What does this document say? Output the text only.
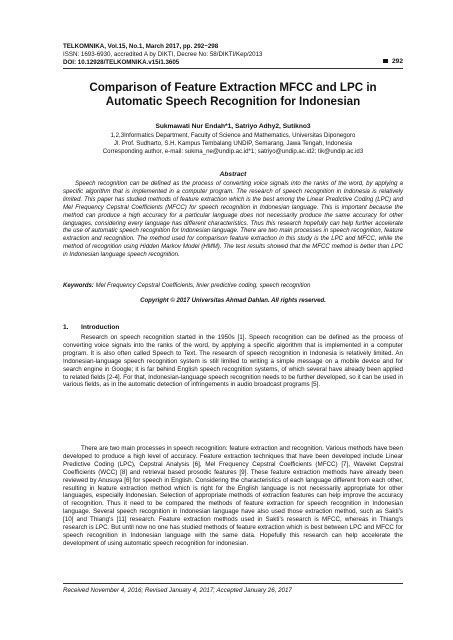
TELKOMNIKA, Vol.15, No.1, March 2017, pp. 292~298
ISSN: 1693-6930, accredited A by DIKTI, Decree No: 58/DIKTI/Kep/2013
DOI: 10.12928/TELKOMNIKA.v15i1.3605	292
Comparison of Feature Extraction MFCC and LPC in Automatic Speech Recognition for Indonesian
Sukmawati Nur Endah*1, Satriyo Adhy2, Sutikno3
1,2,3Informatics Department, Faculty of Science and Mathematics, Universitas Diponegoro
Jl. Prof. Sudharto, S.H. Kampus Tembalang UNDIP, Semarang, Jawa Tengah, Indonesia
Corresponding author, e-mail: sukma_ne@undip.ac.id*1; satriyo@undip.ac.id2; tik@undip.ac.id3
Abstract

Speech recognition can be defined as the process of converting voice signals into the ranks of the word, by applying a specific algorithm that is implemented in a computer program. The research of speech recognition in Indonesia is relatively limited. This paper has studied methods of feature extraction which is the best among the Linear Predictive Coding (LPC) and Mel Frequency Cepstral Coefficients (MFCC) for speech recognition in Indonesian language. This is important because the method can produce a high accuracy for a particular language does not necessarily produce the same accuracy for other languages, considering every language has different characteristics. Thus this research hopefully can help further accelerate the use of automatic speech recognition for Indonesian language. There are two main processes in speech recognition, feature extraction and recognition. The method used for comparison feature extraction in this study is the LPC and MFCC, while the method of recognition using Hidden Markov Model (HMM). The test results showed that the MFCC method is better than LPC in Indonesian language speech recognition.

Keywords: Mel Frequency Cepstral Coefficients, linier predictive coding, speech recognition
Copyright © 2017 Universitas Ahmad Dahlan. All rights reserved.
1. Introduction

Research on speech recognition started in the 1950s [1]. Speech recognition can be defined as the process of converting voice signals into the ranks of the word, by applying a specific algorithm that is implemented in a computer program. It is also often called Speech to Text. The research of speech recognition in Indonesia is relatively limited. An Indonesian-language speech recognition system is still limited to writing a simple message on a mobile device and for search engine in Google; it is far behind English speech recognition systems, of which several have already been applied to related fields [2-4]. For that, Indonesian-language speech recognition needs to be further developed, so it can be used in various fields, as in the automatic detection of infringements in audio broadcast programs [5].

There are two main processes in speech recognition: feature extraction and recognition. Various methods have been developed to produce a high level of accuracy. Feature extraction techniques that have been developed include Linear Predictive Coding (LPC), Cepstral Analysis [6], Mel Frequency Cepstral Coefficients (MFCC) [7], Wavelet Cepstral Coefficients (WCC) [8] and retrieval based prosodic features [9]. These feature extraction methods have already been reviewed by Anusuya [6] for speech in English. Considering the characteristics of each language different from each other, resulting in feature extraction method which is right for the English language is not necessarily appropriate for other languages, especially Indonesian. Selection of appropriate methods of extraction features can help improve the accuracy of recognition. Thus it need to be compared the methods of feature extraction for speech recognition in Indonesian language. Several speech recognition in Indonesian language have also used those extraction method, such as Sakti's [10] and Thiang's [11] research. Feature extraction methods used in Sakti's research is MFCC, whereas in Thiang's research is LPC. But until now no one has studied methods of feature extraction which is best between LPC and MFCC for speech recognition in Indonesian language with the same data. Hopefully this research can help accelerate the development of using automatic speech recognition for indonesian.

Received November 4, 2016; Revised January 4, 2017; Accepted January 26, 2017
